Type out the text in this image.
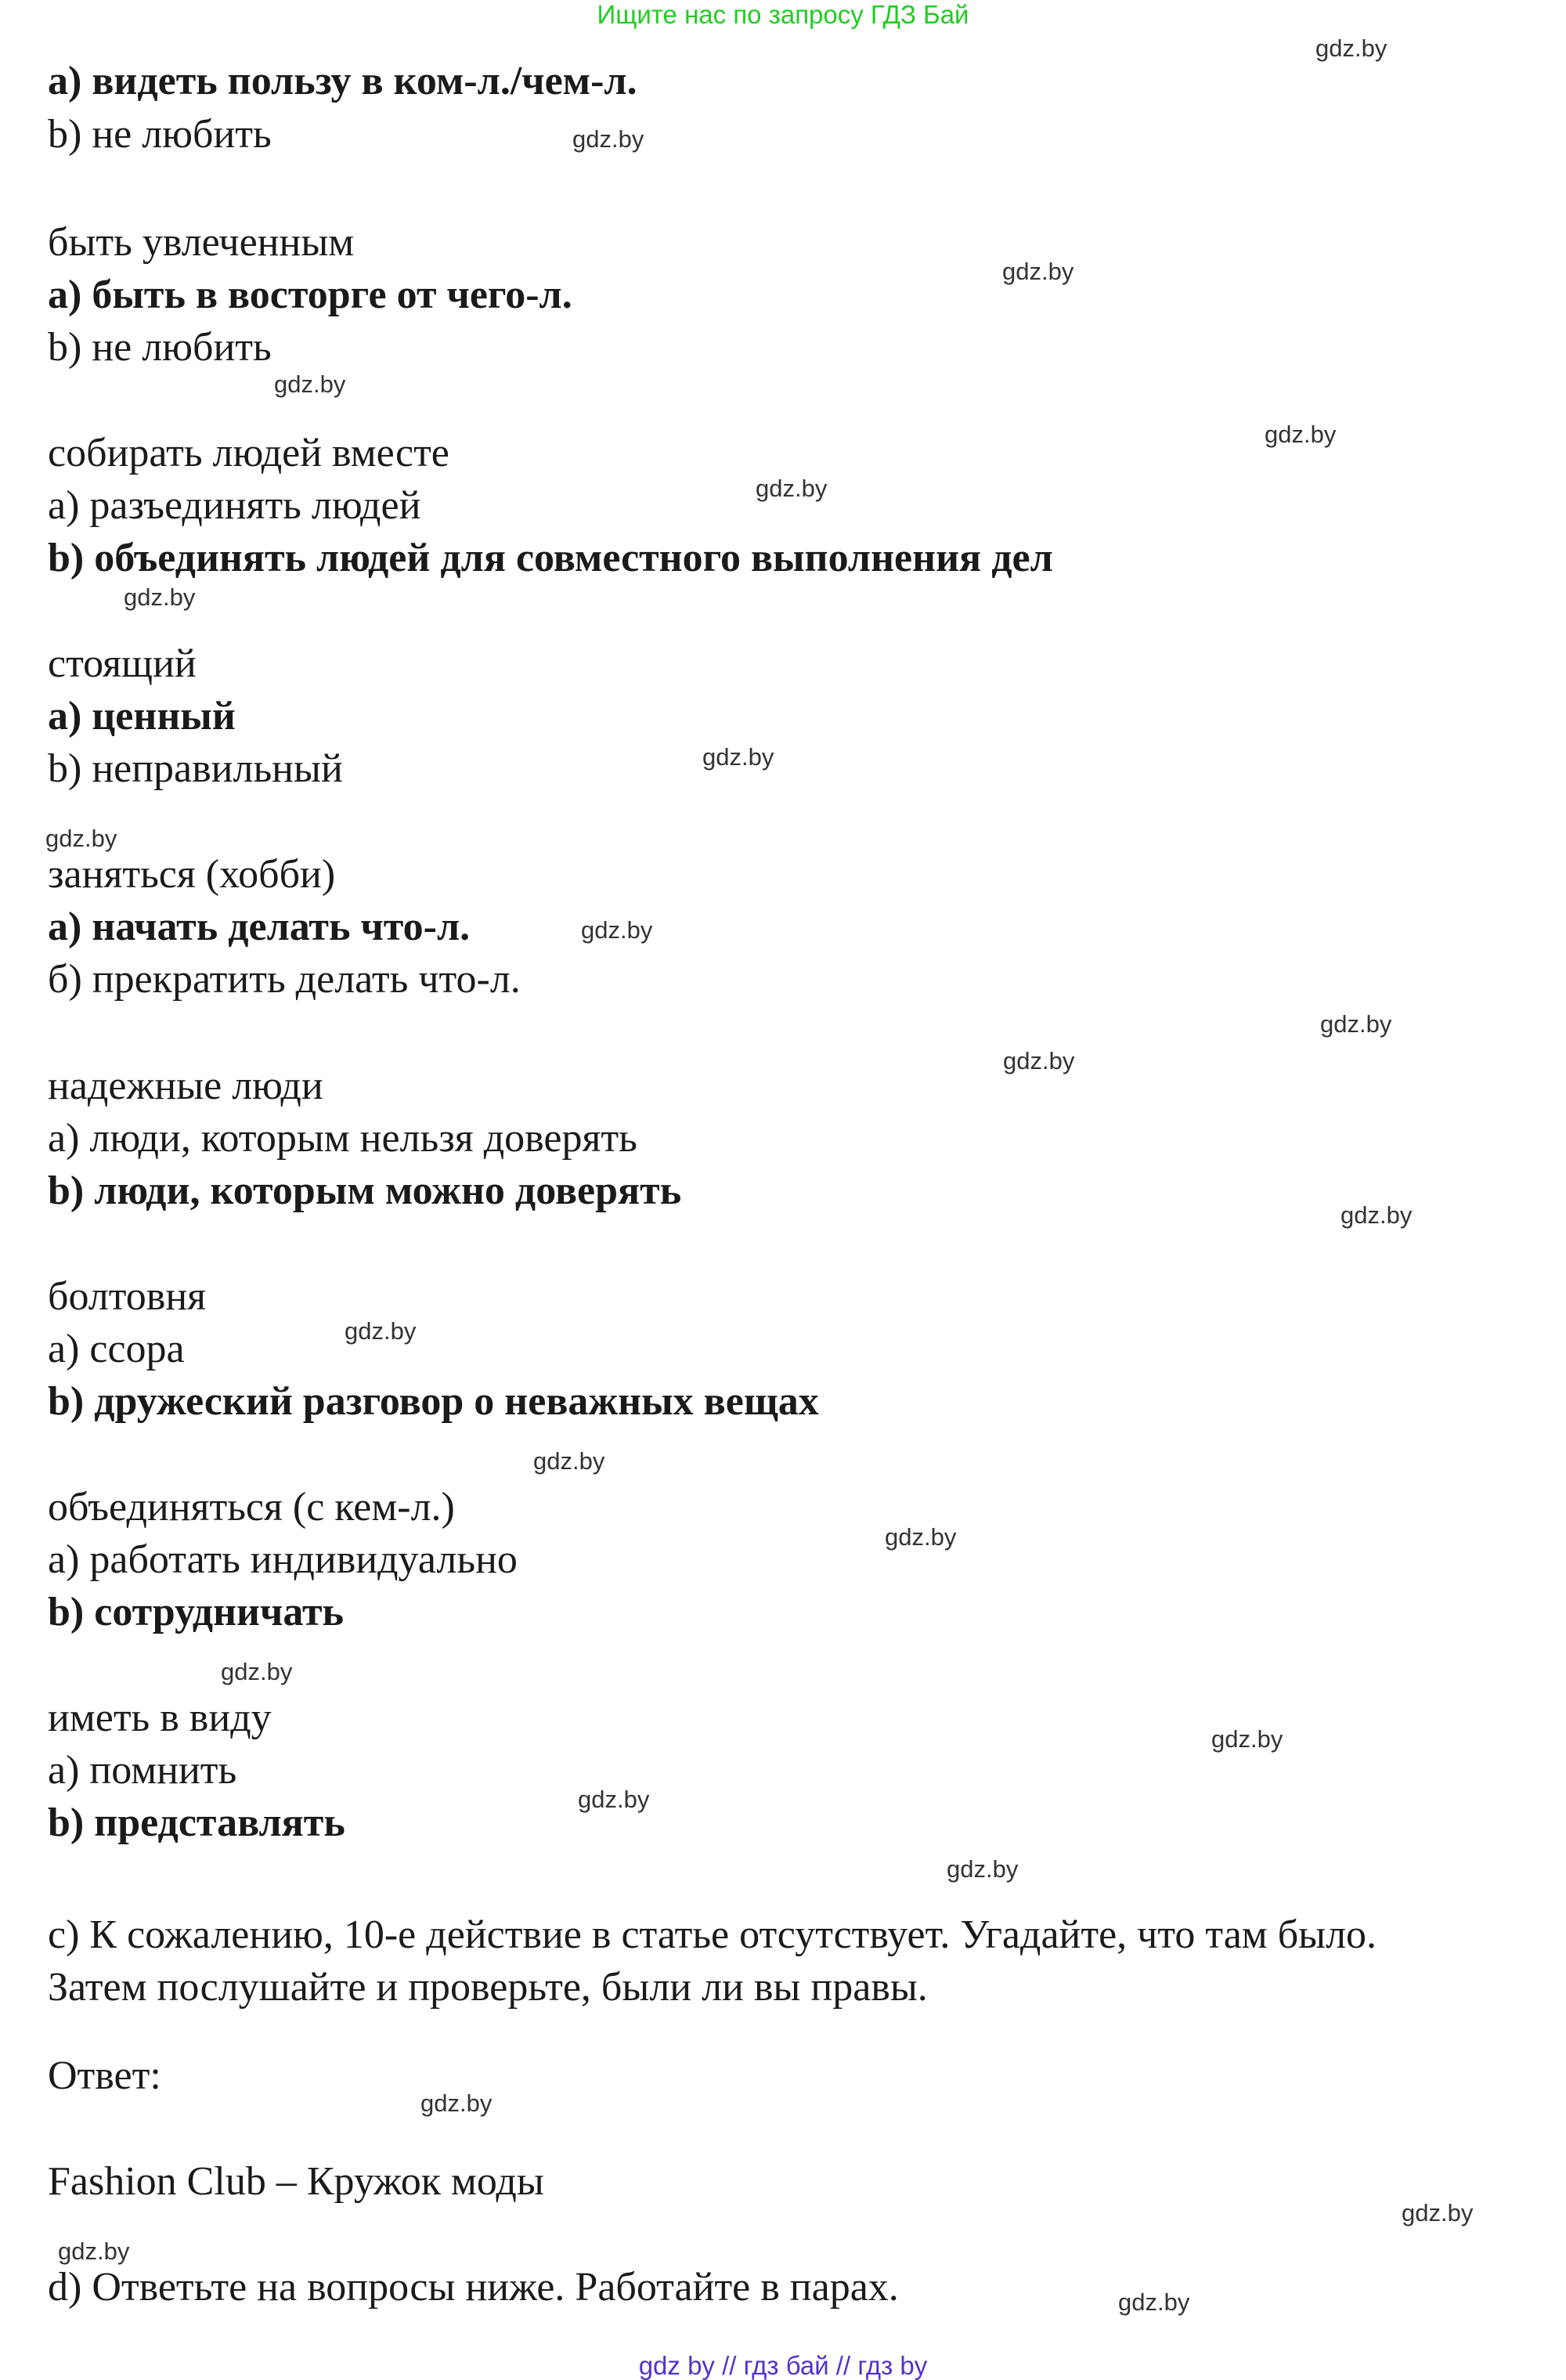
Ищите нас по запросу ГДЗ Бай
а) видеть пользу в ком-л./чем-л.
b) не любить
быть увлеченным
а) быть в восторге от чего-л.
b) не любить
собирать людей вместе
а) разъединять людей
b) объединять людей для совместного выполнения дел
стоящий
а) ценный
b) неправильный
заняться (хобби)
а) начать делать что-л.
б) прекратить делать что-л.
надежные люди
а) люди, которым нельзя доверять
b) люди, которым можно доверять
болтовня
а) ссора
b) дружеский разговор о неважных вещах
объединяться (с кем-л.)
а) работать индивидуально
b) сотрудничать
иметь в виду
а) помнить
b) представлять
с) К сожалению, 10-е действие в статье отсутствует. Угадайте, что там было.
Затем послушайте и проверьте, были ли вы правы.
Ответ:
Fashion Club – Кружок моды
d) Ответьте на вопросы ниже. Работайте в парах.
gdz.by
gdz.by
gdz.by
gdz.by
gdz.by
gdz.by
gdz.by
gdz.by
gdz.by
gdz.by
gdz.by
gdz.by
gdz.by
gdz.by
gdz.by
gdz.by
gdz.by
gdz.by
gdz.by
gdz.by
gdz.by
gdz.by
gdz.by
gdz.by
gdz by // гдз бай // гдз by
